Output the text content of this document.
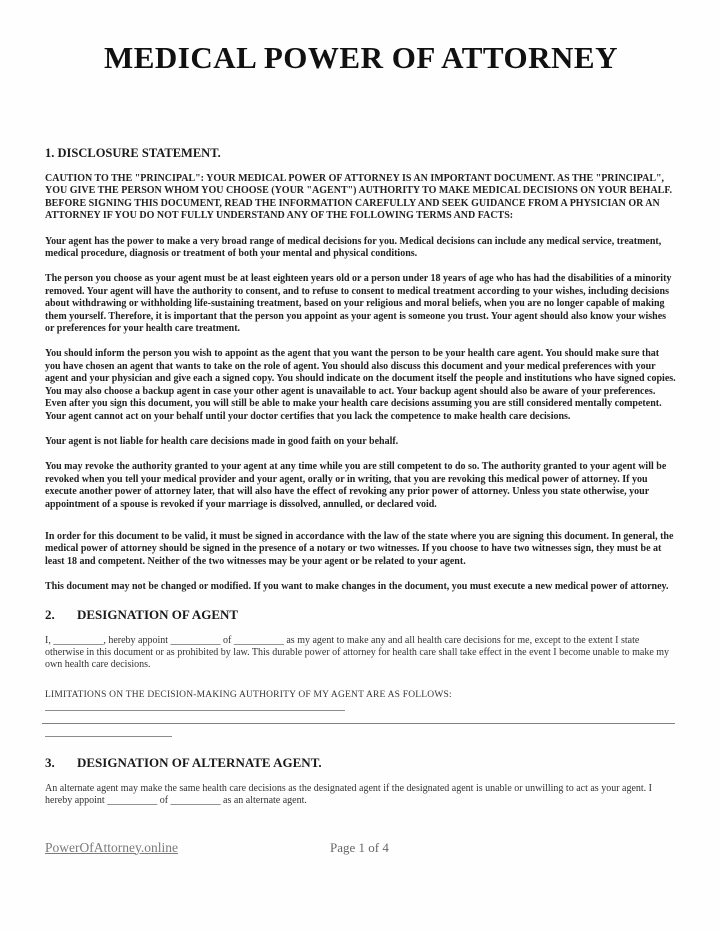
MEDICAL POWER OF ATTORNEY
1. DISCLOSURE STATEMENT.

CAUTION TO THE "PRINCIPAL": YOUR MEDICAL POWER OF ATTORNEY IS AN IMPORTANT DOCUMENT. AS THE "PRINCIPAL", YOU GIVE THE PERSON WHOM YOU CHOOSE (YOUR "AGENT") AUTHORITY TO MAKE MEDICAL DECISIONS ON YOUR BEHALF. BEFORE SIGNING THIS DOCUMENT, READ THE INFORMATION CAREFULLY AND SEEK GUIDANCE FROM A PHYSICIAN OR AN ATTORNEY IF YOU DO NOT FULLY UNDERSTAND ANY OF THE FOLLOWING TERMS AND FACTS:

Your agent has the power to make a very broad range of medical decisions for you. Medical decisions can include any medical service, treatment, medical procedure, diagnosis or treatment of both your mental and physical conditions.

The person you choose as your agent must be at least eighteen years old or a person under 18 years of age who has had the disabilities of a minority removed. Your agent will have the authority to consent, and to refuse to consent to medical treatment according to your wishes, including decisions about withdrawing or withholding life-sustaining treatment, based on your religious and moral beliefs, when you are no longer capable of making them yourself. Therefore, it is important that the person you appoint as your agent is someone you trust. Your agent should also know your wishes or preferences for your health care treatment.

You should inform the person you wish to appoint as the agent that you want the person to be your health care agent. You should make sure that you have chosen an agent that wants to take on the role of agent. You should also discuss this document and your medical preferences with your agent and your physician and give each a signed copy. You should indicate on the document itself the people and institutions who have signed copies. You may also choose a backup agent in case your other agent is unavailable to act. Your backup agent should also be aware of your preferences. Even after you sign this document, you will still be able to make your health care decisions assuming you are still considered mentally competent. Your agent cannot act on your behalf until your doctor certifies that you lack the competence to make health care decisions.

Your agent is not liable for health care decisions made in good faith on your behalf.

You may revoke the authority granted to your agent at any time while you are still competent to do so. The authority granted to your agent will be revoked when you tell your medical provider and your agent, orally or in writing, that you are revoking this medical power of attorney. If you execute another power of attorney later, that will also have the effect of revoking any prior power of attorney. Unless you state otherwise, your appointment of a spouse is revoked if your marriage is dissolved, annulled, or declared void.

In order for this document to be valid, it must be signed in accordance with the law of the state where you are signing this document. In general, the medical power of attorney should be signed in the presence of a notary or two witnesses. If you choose to have two witnesses sign, they must be at least 18 and competent. Neither of the two witnesses may be your agent or be related to your agent.

This document may not be changed or modified. If you want to make changes in the document, you must execute a new medical power of attorney.

2. DESIGNATION OF AGENT

I, __________, hereby appoint __________ of __________ as my agent to make any and all health care decisions for me, except to the extent I state otherwise in this document or as prohibited by law. This durable power of attorney for health care shall take effect in the event I become unable to make my own health care decisions.

LIMITATIONS ON THE DECISION-MAKING AUTHORITY OF MY AGENT ARE AS FOLLOWS:

3. DESIGNATION OF ALTERNATE AGENT.

An alternate agent may make the same health care decisions as the designated agent if the designated agent is unable or unwilling to act as your agent. I hereby appoint __________ of __________ as an alternate agent.

PowerOfAttorney.online	Page 1 of 4
